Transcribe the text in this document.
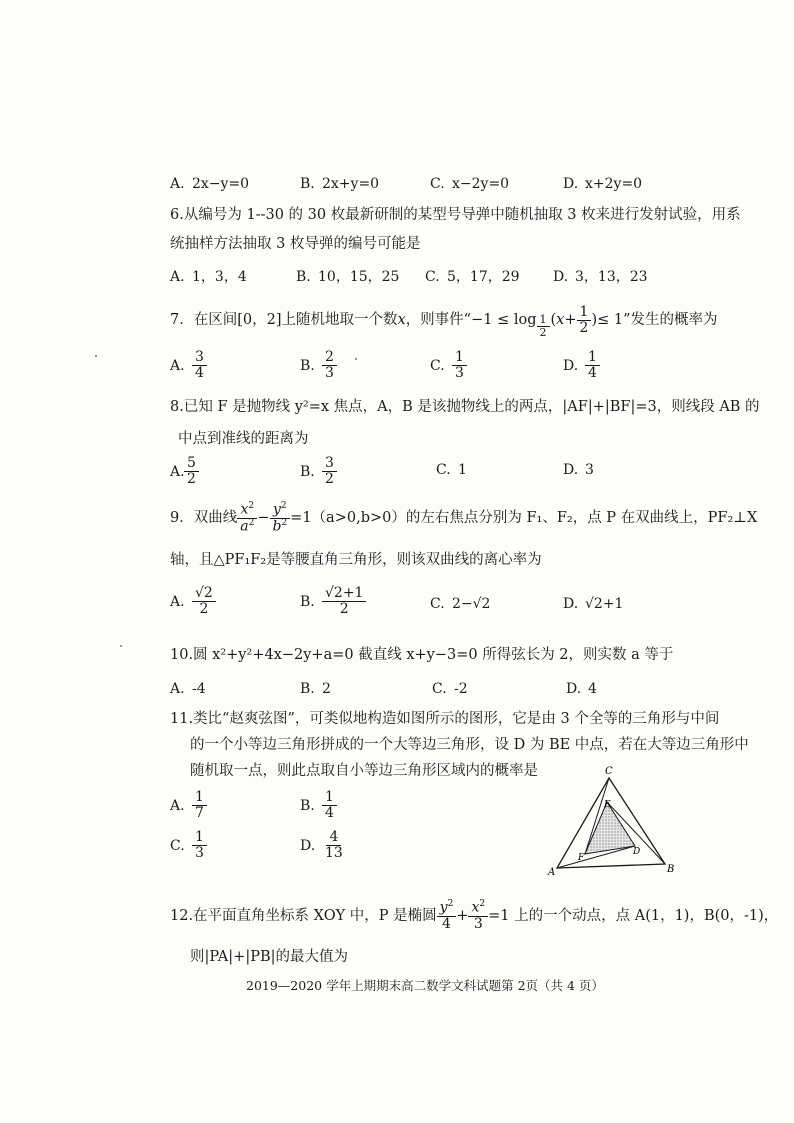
A. 2x−y=0	B. 2x+y=0	C. x−2y=0	D. x+2y=0
6.从编号为 1--30 的 30 枚最新研制的某型号导弹中随机抽取 3 枚来进行发射试验，用系
统抽样方法抽取 3 枚导弹的编号可能是
A. 1，3，4	B. 10，15，25 C. 5，17，29 D. 3，13，23
7．在区间[0，2]上随机地取一个数 x ，则事件“$-1 \le \log \frac{1}{2} (x+ \frac{1}{2}$ ) ≤ 1”发生的概率为
A. $\frac{3}{4}$	B. $\frac{2}{3}$	C. $\frac{1}{3}$	D. $\frac{1}{4}$
8.已知 F 是抛物线 y²=x 焦点，A，B 是该抛物线上的两点，|AF|+|BF|=3，则线段 AB 的
中点到准线的距离为
A. $\frac{5}{2}$	B. $\frac{3}{2}$	C. 1	D. 3
9．双曲线 $\frac{x^2}{a^2} - \frac{y^2}{b^2} =1(a>0,b>0)$的左右焦点分别为 F₁、F₂，点 P 在双曲线上，PF₂⊥X
轴，且△PF₁F₂是等腰直角三角形，则该双曲线的离心率为
A. $\frac{√2}{2}$	B. $\frac{√2+1}{2}$	C. 2−√2	D. √2+1
10.圆 x²+y²+4x−2y+a=0 截直线 x+y−3=0 所得弦长为 2，则实数 a 等于
A. -4	B. 2	C. -2	D. 4
11.类比“赵爽弦图”，可类似地构造如图所示的图形，它是由 3 个全等的三角形与中间
的一个小等边三角形拼成的一个大等边三角形，设 D 为 BE 中点，若在大等边三角形中
随机取一点，则此点取自小等边三角形区域内的概率是
A. $\frac{1}{7}$	B. $\frac{1}{4}$
C. $\frac{1}{3}$	D. $\frac{4}{13}$
C
E
F
D
A	B
12.在平面直角坐标系 XOY 中，P 是椭圆 $\frac{y^2}{4} + \frac{x^2}{3} =1$ 上的一个动点，点 A(1，1)，B(0，-1)，
则|PA|+|PB|的最大值为
2019—2020 学年上期期末高二数学文科试题第 2页（共 4 页）
